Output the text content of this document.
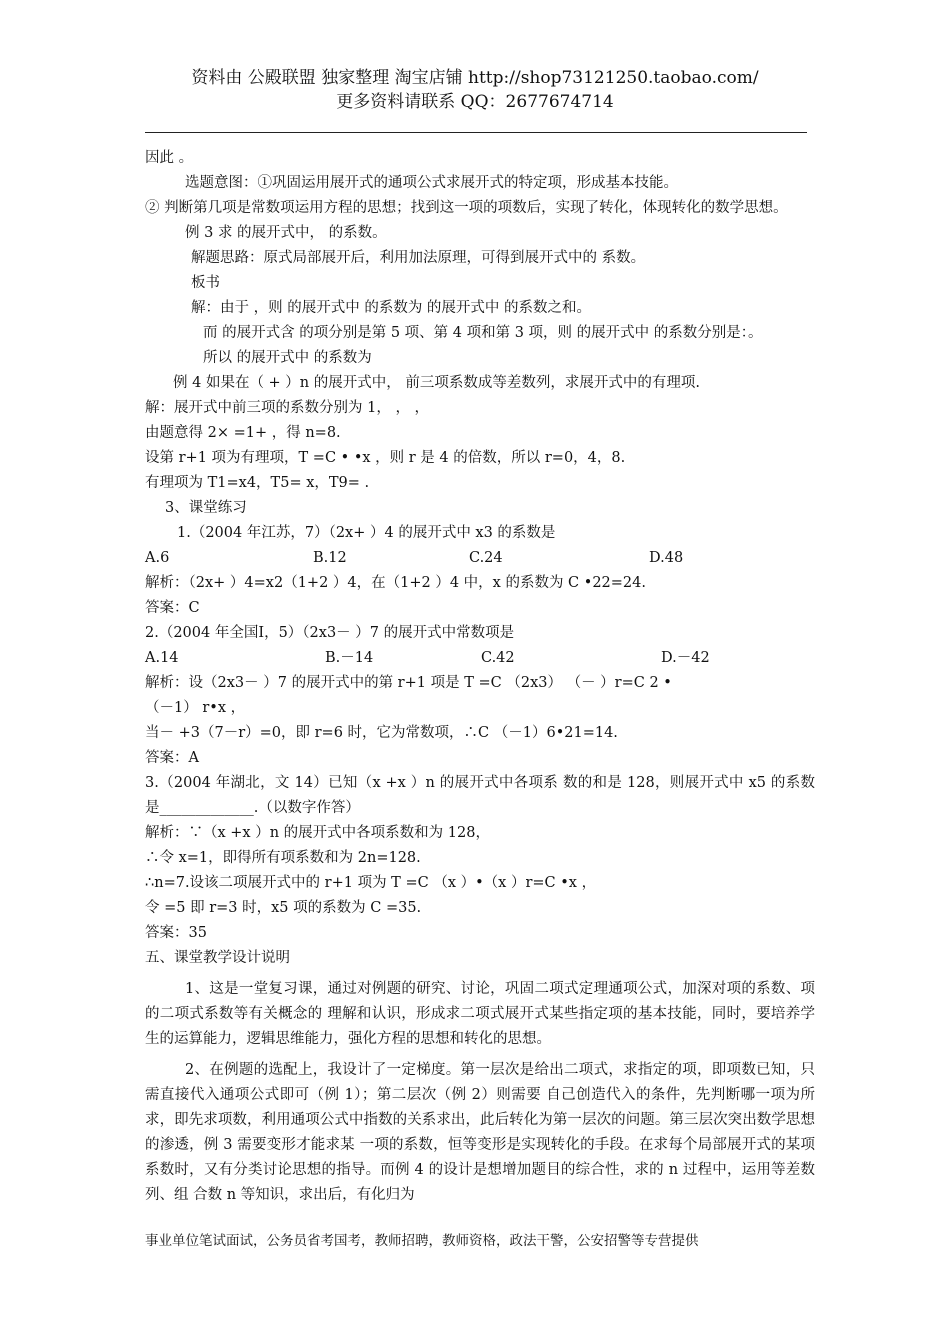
资料由 公殿联盟 独家整理 淘宝店铺 http://shop73121250.taobao.com/
更多资料请联系 QQ：2677674714
因此 。
选题意图：①巩固运用展开式的通项公式求展开式的特定项，形成基本技能。
② 判断第几项是常数项运用方程的思想；找到这一项的项数后，实现了转化，体现转化的数学思想。
例 3 求 的展开式中， 的系数。
解题思路：原式局部展开后，利用加法原理，可得到展开式中的 系数。
板书
解：由于 ，则 的展开式中 的系数为 的展开式中 的系数之和。
而 的展开式含 的项分别是第 5 项、第 4 项和第 3 项，则 的展开式中 的系数分别是：。
所以 的展开式中 的系数为
例 4 如果在（ + ）n 的展开式中， 前三项系数成等差数列，求展开式中的有理项.
解：展开式中前三项的系数分别为 1， ， ，
由题意得 2× =1+ ，得 n=8.
设第 r+1 项为有理项，T =C • •x ，则 r 是 4 的倍数，所以 r=0，4，8.
有理项为 T1=x4，T5= x，T9= .
3、课堂练习
1.（2004 年江苏，7）（2x+ ）4 的展开式中 x3 的系数是
A.6	B.12	C.24	D.48
解析：（2x+ ）4=x2（1+2 ）4，在（1+2 ）4 中，x 的系数为 C •22=24.
答案：C
2.（2004 年全国Ⅰ，5）（2x3－ ）7 的展开式中常数项是
A.14	B.－14	C.42	D.－42
解析：设（2x3－ ）7 的展开式中的第 r+1 项是 T =C （2x3） （－ ）r=C 2 •
（－1） r•x ，
当－ +3（7－r）=0，即 r=6 时，它为常数项，∴C （－1）6•21=14.
答案：A
3.（2004 年湖北，文 14）已知（x +x ）n 的展开式中各项系 数的和是 128，则展开式中 x5 的系数是_____________.（以数字作答）
解析：∵（x +x ）n 的展开式中各项系数和为 128，
∴令 x=1，即得所有项系数和为 2n=128.
∴n=7.设该二项展开式中的 r+1 项为 T =C （x ）•（x ）r=C •x ，
令 =5 即 r=3 时，x5 项的系数为 C =35.
答案：35
五、课堂教学设计说明
1、这是一堂复习课，通过对例题的研究、讨论，巩固二项式定理通项公式，加深对项的系数、项的二项式系数等有关概念的 理解和认识，形成求二项式展开式某些指定项的基本技能，同时，要培养学生的运算能力，逻辑思维能力，强化方程的思想和转化的思想。
2、在例题的选配上，我设计了一定梯度。第一层次是给出二项式，求指定的项，即项数已知，只需直接代入通项公式即可（例 1）；第二层次（例 2）则需要 自己创造代入的条件，先判断哪一项为所求，即先求项数，利用通项公式中指数的关系求出，此后转化为第一层次的问题。第三层次突出数学思想的渗透，例 3 需要变形才能求某 一项的系数，恒等变形是实现转化的手段。在求每个局部展开式的某项系数时，又有分类讨论思想的指导。而例 4 的设计是想增加题目的综合性，求的 n 过程中，运用等差数列、组 合数 n 等知识，求出后，有化归为
事业单位笔试面试，公务员省考国考，教师招聘，教师资格，政法干警，公安招警等专营提供
